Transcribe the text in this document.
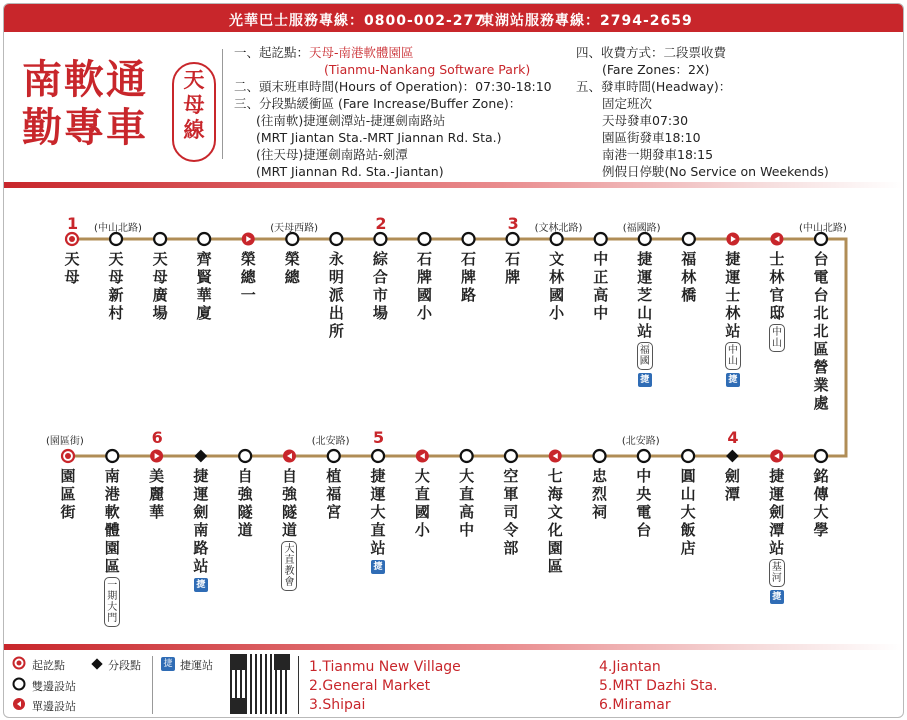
光華巴士服務專線：0800-002-277
東湖站服務專線：2794-2659
南軟通
勤專車
天
母
線
一、起訖點：天母-南港軟體園區
(Tianmu-Nankang Software Park)
二、頭末班車時間(Hours of Operation)：07:30-18:10
三、分段點緩衝區 (Fare Increase/Buffer Zone)：
(往南軟)捷運劍潭站-捷運劍南路站
(MRT Jiantan Sta.-MRT Jiannan Rd. Sta.)
(往天母)捷運劍南路站-劍潭
(MRT Jiannan Rd. Sta.-Jiantan)
四、收費方式：二段票收費
(Fare Zones：2X)
五、發車時間(Headway)：
固定班次
天母發車07:30
園區街發車18:10
南港一期發車18:15
例假日停駛(No Service on Weekends)
天
母
1
天
母
新
村
(中山北路)
天
母
廣
場
齊
賢
華
廈
榮
總
一
榮
總
(天母西路)
永
明
派
出
所
綜
合
市
場
2
石
牌
國
小
石
牌
路
石
牌
3
文
林
國
小
(文林北路)
中
正
高
中
捷
運
芝
山
站
福
國
捷
(福國路)
福
林
橋
捷
運
士
林
站
中
山
捷
士
林
官
邸
中
山
台
電
台
北
北
區
營
業
處
(中山北路)
園
區
街
(園區街)
南
港
軟
體
園
區
一
期
大
門
美
麗
華
6
捷
運
劍
南
路
站
捷
自
強
隧
道
自
強
隧
道
大
直
教
會
植
福
宮
(北安路)
捷
運
大
直
站
捷
5
大
直
國
小
大
直
高
中
空
軍
司
令
部
七
海
文
化
園
區
忠
烈
祠
中
央
電
台
(北安路)
圓
山
大
飯
店
劍
潭
4
捷
運
劍
潭
站
基
河
捷
銘
傳
大
學
起訖點
雙邊設站
單邊設站
分段點 捷 捷運站	1.Tianmu New Village
2.General Market
3.Shipai
4.Jiantan
5.MRT Dazhi Sta.
6.Miramar
